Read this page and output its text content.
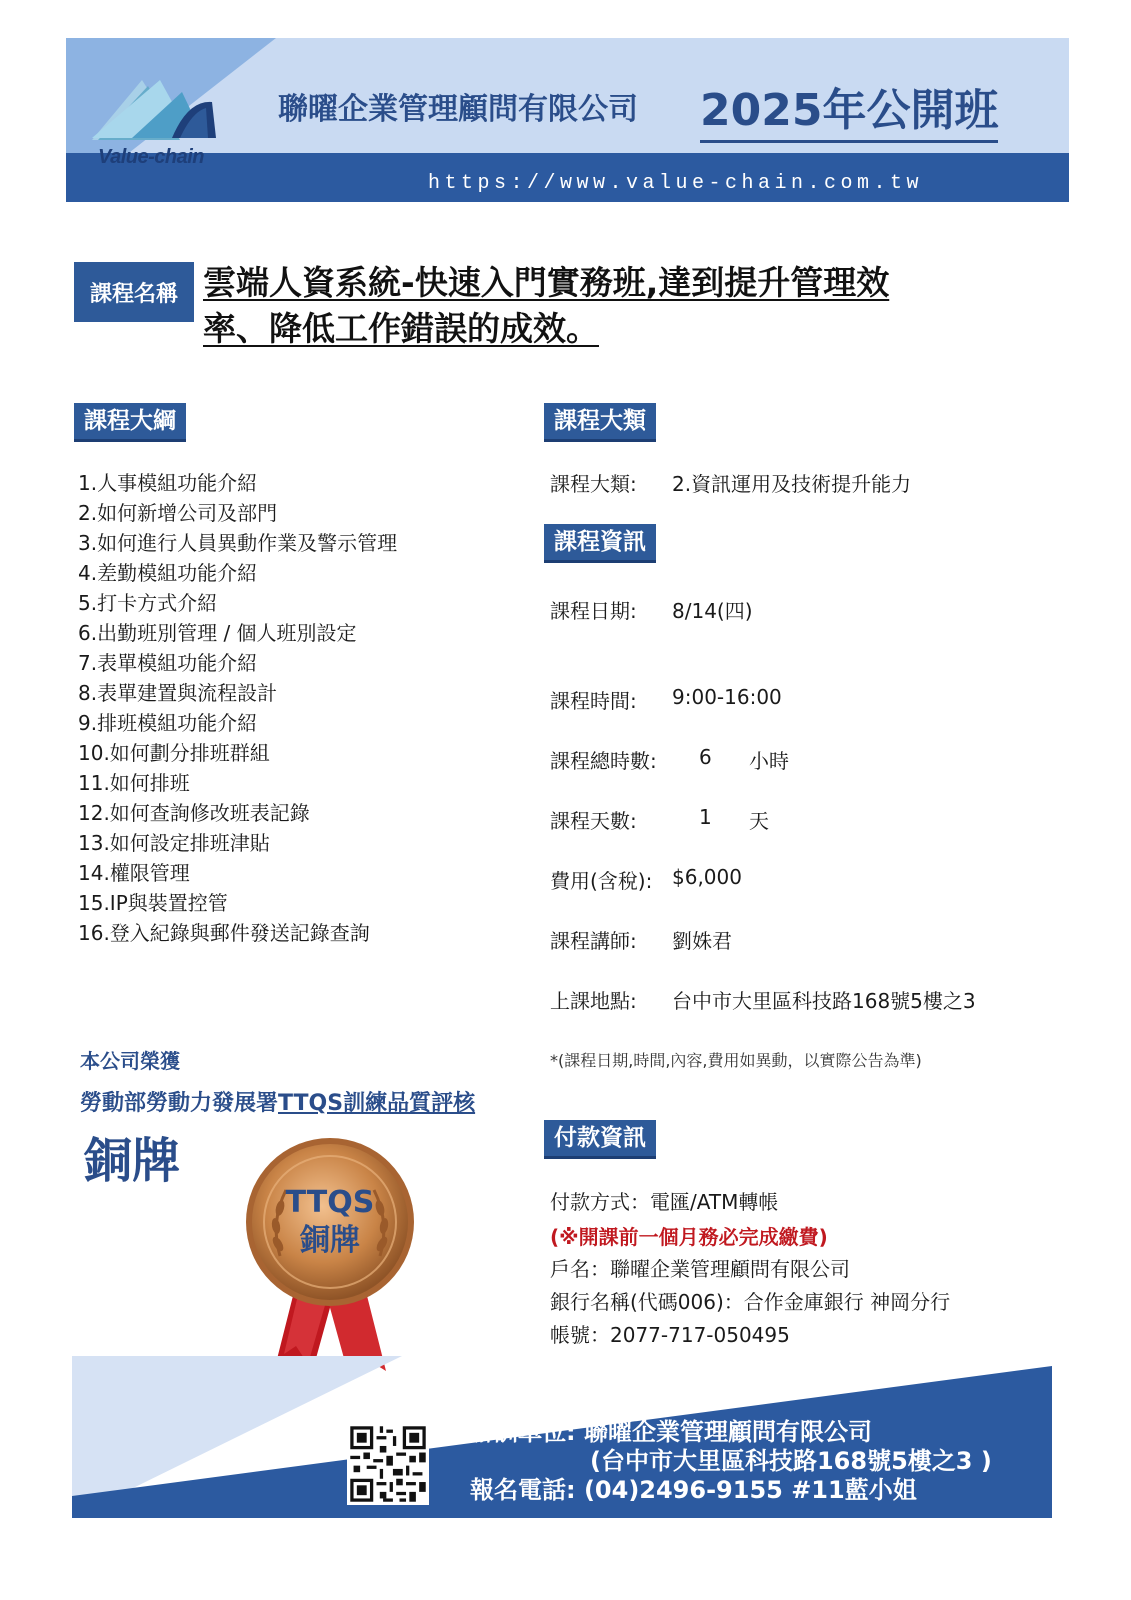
Value-chain
聯曜企業管理顧問有限公司 2025年公開班
https://www.value-chain.com.tw
課程名稱 雲端人資系統-快速入門實務班,達到提升管理效
率、降低工作錯誤的成效。
課程大綱
1.人事模組功能介紹
2.如何新增公司及部門
3.如何進行人員異動作業及警示管理
4.差勤模組功能介紹
5.打卡方式介紹
6.出勤班別管理 / 個人班別設定
7.表單模組功能介紹
8.表單建置與流程設計
9.排班模組功能介紹
10.如何劃分排班群組
11.如何排班
12.如何查詢修改班表記錄
13.如何設定排班津貼
14.權限管理
15.IP與裝置控管
16.登入紀錄與郵件發送記錄查詢
課程大類
課程大類: 2.資訊運用及技術提升能力
課程資訊
課程日期: 8/14(四)
課程時間: 9:00-16:00
課程總時數: 6 小時
課程天數:	1 天
費用(含稅): $6,000
課程講師: 劉姝君
上課地點: 台中市大里區科技路168號5樓之3
*(課程日期,時間,內容,費用如異動，以實際公告為準)
本公司榮獲
勞動部勞動力發展署TTQS訓練品質評核
銅牌
TTQS
銅牌
付款資訊
付款方式：電匯/ATM轉帳
(※開課前一個月務必完成繳費)
戶名：聯曜企業管理顧問有限公司
銀行名稱(代碼006)：合作金庫銀行 神岡分行
帳號：2077-717-050495
辦訓單位: 聯曜企業管理顧問有限公司
(台中市大里區科技路168號5樓之3 )
報名電話: (04)2496-9155 #11藍小姐
